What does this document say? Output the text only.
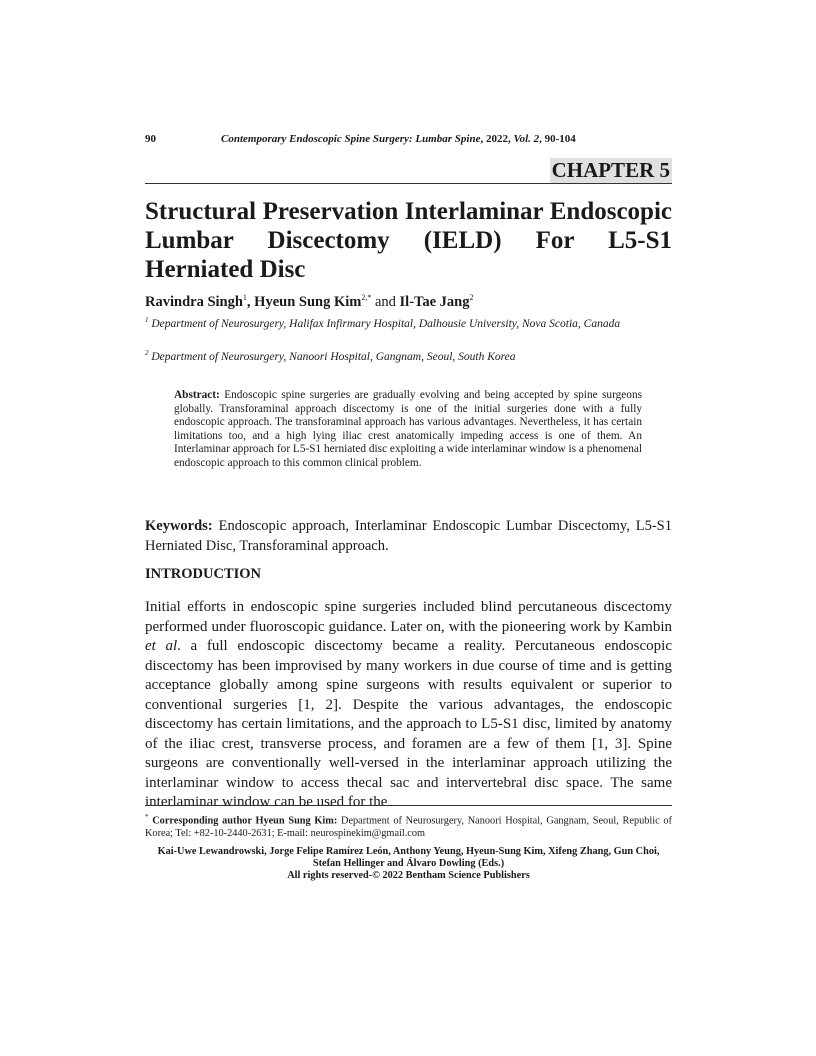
90	Contemporary Endoscopic Spine Surgery: Lumbar Spine, 2022, Vol. 2, 90-104
CHAPTER 5
Structural Preservation Interlaminar Endoscopic Lumbar Discectomy (IELD) For L5-S1 Herniated Disc
Ravindra Singh$^1$, Hyeun Sung Kim$^{2,*}$ and Il-Tae Jang$^2$
$^1$ Department of Neurosurgery, Halifax Infirmary Hospital, Dalhousie University, Nova Scotia, Canada
$^2$ Department of Neurosurgery, Nanoori Hospital, Gangnam, Seoul, South Korea
Abstract: Endoscopic spine surgeries are gradually evolving and being accepted by spine surgeons globally. Transforaminal approach discectomy is one of the initial surgeries done with a fully endoscopic approach. The transforaminal approach has various advantages. Nevertheless, it has certain limitations too, and a high lying iliac crest anatomically impeding access is one of them. An Interlaminar approach for L5-S1 herniated disc exploiting a wide interlaminar window is a phenomenal endoscopic approach to this common clinical problem.
Keywords: Endoscopic approach, Interlaminar Endoscopic Lumbar Discectomy, L5-S1 Herniated Disc, Transforaminal approach.
INTRODUCTION
Initial efforts in endoscopic spine surgeries included blind percutaneous discectomy performed under fluoroscopic guidance. Later on, with the pioneering work by Kambin et al. a full endoscopic discectomy became a reality. Percutaneous endoscopic discectomy has been improvised by many workers in due course of time and is getting acceptance globally among spine surgeons with results equivalent or superior to conventional surgeries [1, 2]. Despite the various advantages, the endoscopic discectomy has certain limitations, and the approach to L5-S1 disc, limited by anatomy of the iliac crest, transverse process, and foramen are a few of them [1, 3]. Spine surgeons are conventionally well-versed in the interlaminar approach utilizing the interlaminar window to access thecal sac and intervertebral disc space. The same interlaminar window can be used for the
* Corresponding author Hyeun Sung Kim: Department of Neurosurgery, Nanoori Hospital, Gangnam, Seoul, Republic of Korea; Tel: +82-10-2440-2631; E-mail: neurospinekim@gmail.com
Kai-Uwe Lewandrowski, Jorge Felipe Ramírez León, Anthony Yeung, Hyeun-Sung Kim, Xifeng Zhang, Gun Choi, Stefan Hellinger and Álvaro Dowling (Eds.)
All rights reserved-© 2022 Bentham Science Publishers
